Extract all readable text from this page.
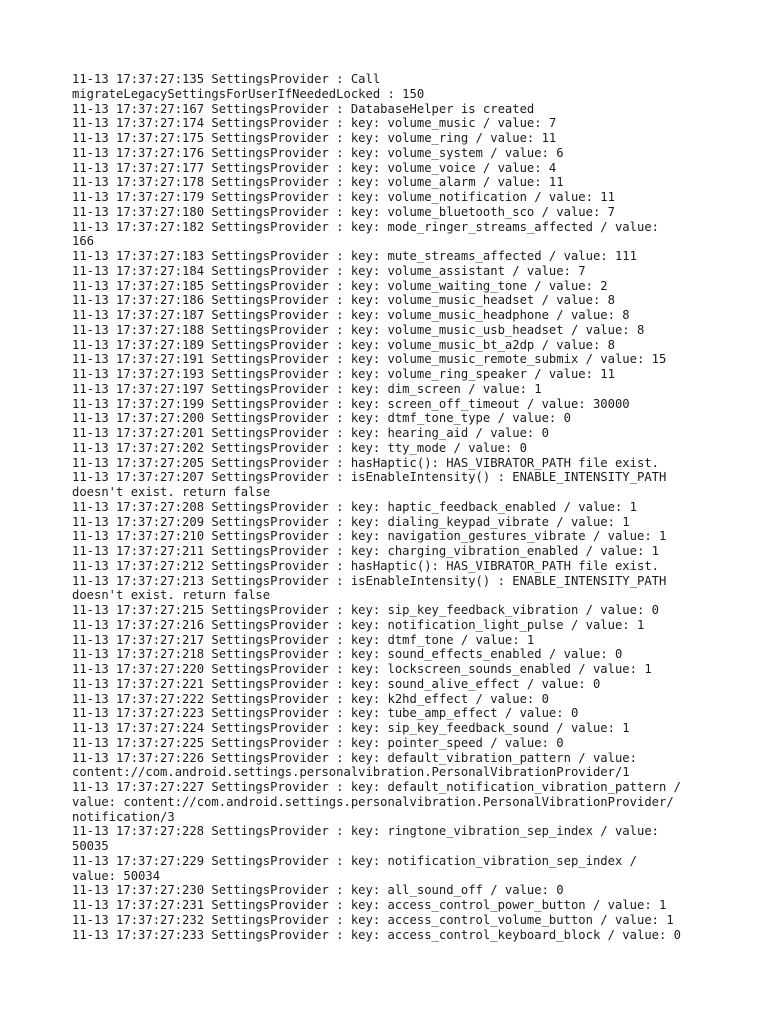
11-13 17:37:27:135 SettingsProvider : Call
migrateLegacySettingsForUserIfNeededLocked : 150
11-13 17:37:27:167 SettingsProvider : DatabaseHelper is created
11-13 17:37:27:174 SettingsProvider : key: volume_music / value: 7
11-13 17:37:27:175 SettingsProvider : key: volume_ring / value: 11
11-13 17:37:27:176 SettingsProvider : key: volume_system / value: 6
11-13 17:37:27:177 SettingsProvider : key: volume_voice / value: 4
11-13 17:37:27:178 SettingsProvider : key: volume_alarm / value: 11
11-13 17:37:27:179 SettingsProvider : key: volume_notification / value: 11
11-13 17:37:27:180 SettingsProvider : key: volume_bluetooth_sco / value: 7
11-13 17:37:27:182 SettingsProvider : key: mode_ringer_streams_affected / value:
166
11-13 17:37:27:183 SettingsProvider : key: mute_streams_affected / value: 111
11-13 17:37:27:184 SettingsProvider : key: volume_assistant / value: 7
11-13 17:37:27:185 SettingsProvider : key: volume_waiting_tone / value: 2
11-13 17:37:27:186 SettingsProvider : key: volume_music_headset / value: 8
11-13 17:37:27:187 SettingsProvider : key: volume_music_headphone / value: 8
11-13 17:37:27:188 SettingsProvider : key: volume_music_usb_headset / value: 8
11-13 17:37:27:189 SettingsProvider : key: volume_music_bt_a2dp / value: 8
11-13 17:37:27:191 SettingsProvider : key: volume_music_remote_submix / value: 15
11-13 17:37:27:193 SettingsProvider : key: volume_ring_speaker / value: 11
11-13 17:37:27:197 SettingsProvider : key: dim_screen / value: 1
11-13 17:37:27:199 SettingsProvider : key: screen_off_timeout / value: 30000
11-13 17:37:27:200 SettingsProvider : key: dtmf_tone_type / value: 0
11-13 17:37:27:201 SettingsProvider : key: hearing_aid / value: 0
11-13 17:37:27:202 SettingsProvider : key: tty_mode / value: 0
11-13 17:37:27:205 SettingsProvider : hasHaptic(): HAS_VIBRATOR_PATH file exist.
11-13 17:37:27:207 SettingsProvider : isEnableIntensity() : ENABLE_INTENSITY_PATH
doesn't exist. return false
11-13 17:37:27:208 SettingsProvider : key: haptic_feedback_enabled / value: 1
11-13 17:37:27:209 SettingsProvider : key: dialing_keypad_vibrate / value: 1
11-13 17:37:27:210 SettingsProvider : key: navigation_gestures_vibrate / value: 1
11-13 17:37:27:211 SettingsProvider : key: charging_vibration_enabled / value: 1
11-13 17:37:27:212 SettingsProvider : hasHaptic(): HAS_VIBRATOR_PATH file exist.
11-13 17:37:27:213 SettingsProvider : isEnableIntensity() : ENABLE_INTENSITY_PATH
doesn't exist. return false
11-13 17:37:27:215 SettingsProvider : key: sip_key_feedback_vibration / value: 0
11-13 17:37:27:216 SettingsProvider : key: notification_light_pulse / value: 1
11-13 17:37:27:217 SettingsProvider : key: dtmf_tone / value: 1
11-13 17:37:27:218 SettingsProvider : key: sound_effects_enabled / value: 0
11-13 17:37:27:220 SettingsProvider : key: lockscreen_sounds_enabled / value: 1
11-13 17:37:27:221 SettingsProvider : key: sound_alive_effect / value: 0
11-13 17:37:27:222 SettingsProvider : key: k2hd_effect / value: 0
11-13 17:37:27:223 SettingsProvider : key: tube_amp_effect / value: 0
11-13 17:37:27:224 SettingsProvider : key: sip_key_feedback_sound / value: 1
11-13 17:37:27:225 SettingsProvider : key: pointer_speed / value: 0
11-13 17:37:27:226 SettingsProvider : key: default_vibration_pattern / value:
content://com.android.settings.personalvibration.PersonalVibrationProvider/1
11-13 17:37:27:227 SettingsProvider : key: default_notification_vibration_pattern /
value: content://com.android.settings.personalvibration.PersonalVibrationProvider/
notification/3
11-13 17:37:27:228 SettingsProvider : key: ringtone_vibration_sep_index / value:
50035
11-13 17:37:27:229 SettingsProvider : key: notification_vibration_sep_index /
value: 50034
11-13 17:37:27:230 SettingsProvider : key: all_sound_off / value: 0
11-13 17:37:27:231 SettingsProvider : key: access_control_power_button / value: 1
11-13 17:37:27:232 SettingsProvider : key: access_control_volume_button / value: 1
11-13 17:37:27:233 SettingsProvider : key: access_control_keyboard_block / value: 0
